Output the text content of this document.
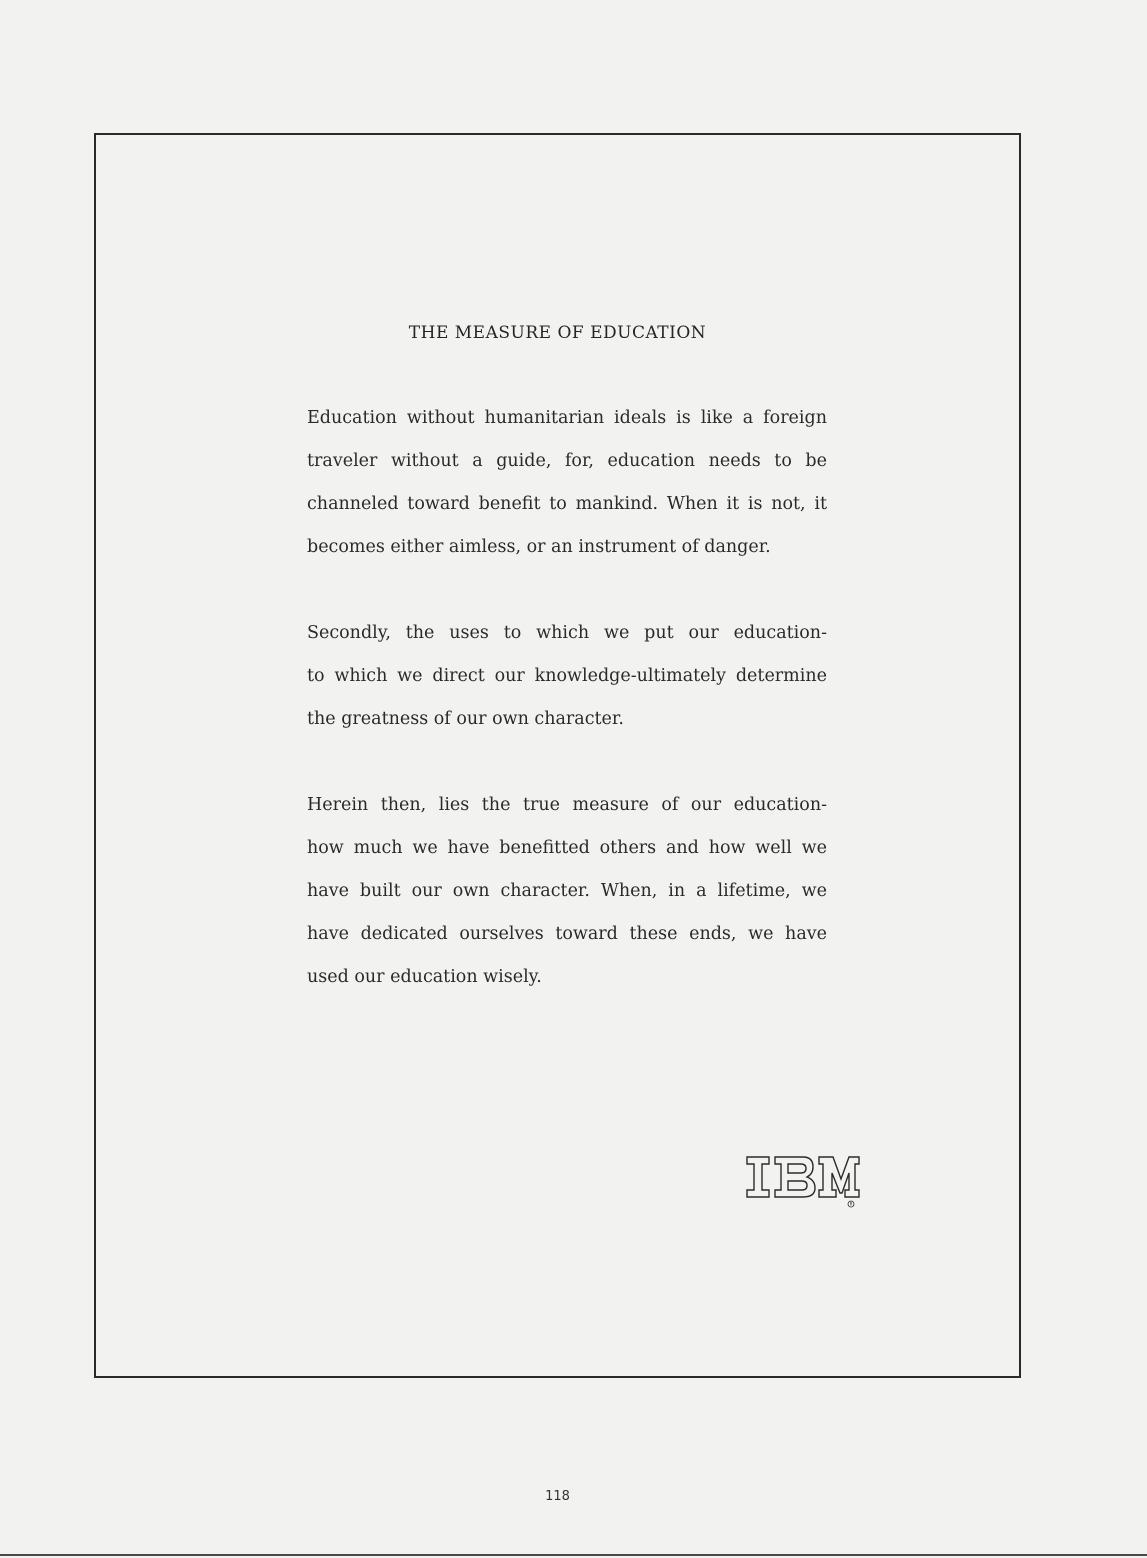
THE MEASURE OF EDUCATION

Education without humanitarian ideals is like a foreign
traveler without a guide, for, education needs to be
channeled toward benefit to mankind. When it is not, it
becomes either aimless, or an instrument of danger.

Secondly, the uses to which we put our education-
to which we direct our knowledge-ultimately determine
the greatness of our own character.

Herein then, lies the true measure of our education-
how much we have benefitted others and how well we
have built our own character. When, in a lifetime, we
have dedicated ourselves toward these ends, we have
used our education wisely.

R
118
